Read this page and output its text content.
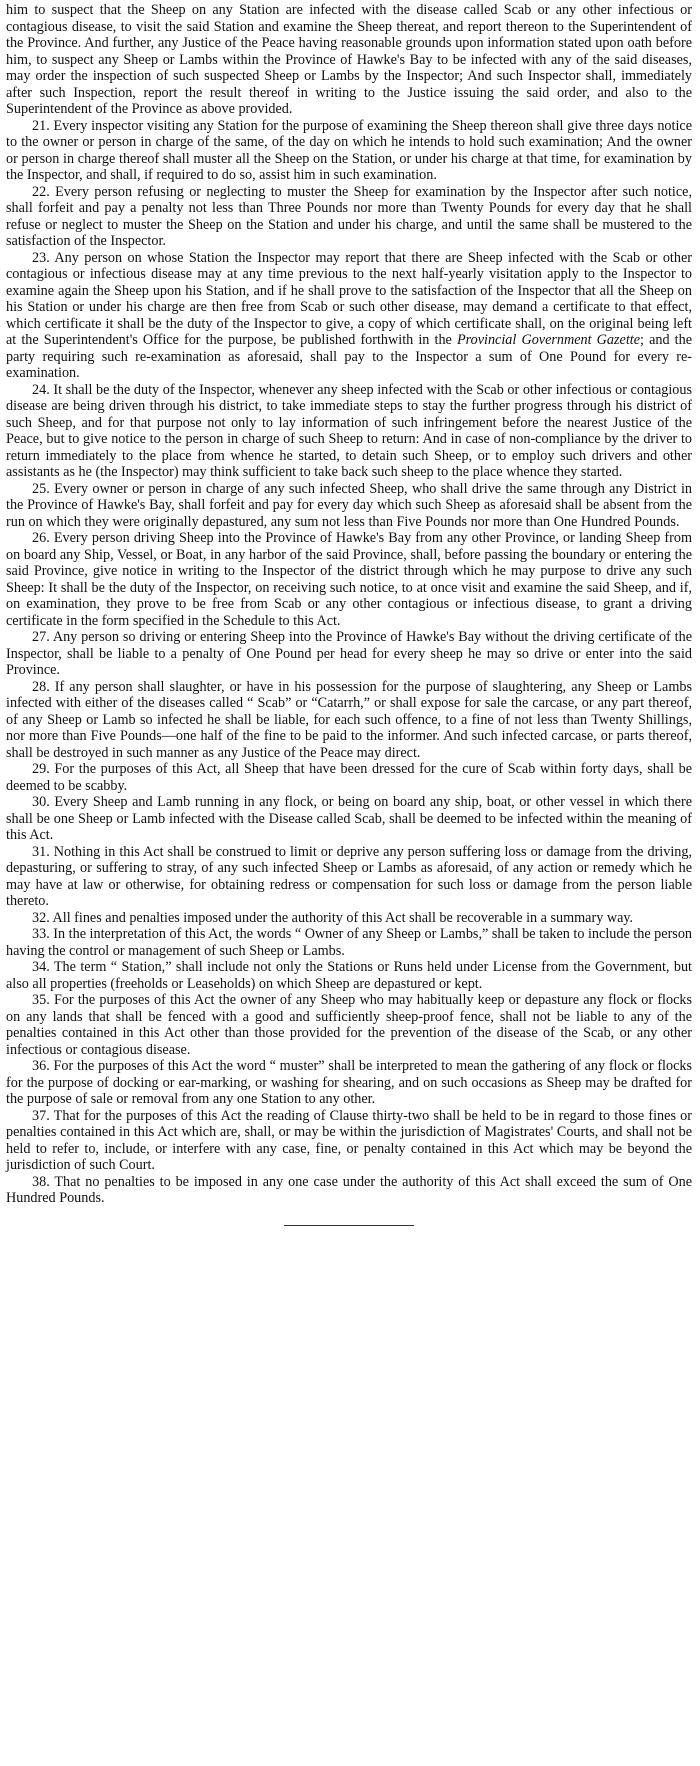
him to suspect that the Sheep on any Station are infected with the disease called Scab or any other infectious or contagious disease, to visit the said Station and examine the Sheep thereat, and report thereon to the Superintendent of the Province. And further, any Justice of the Peace having reasonable grounds upon information stated upon oath before him, to suspect any Sheep or Lambs within the Province of Hawke's Bay to be infected with any of the said diseases, may order the inspection of such suspected Sheep or Lambs by the Inspector; And such Inspector shall, immediately after such Inspection, report the result thereof in writing to the Justice issuing the said order, and also to the Superintendent of the Province as above provided.

21. Every inspector visiting any Station for the purpose of examining the Sheep thereon shall give three days notice to the owner or person in charge of the same, of the day on which he intends to hold such examination; And the owner or person in charge thereof shall muster all the Sheep on the Station, or under his charge at that time, for examination by the Inspector, and shall, if required to do so, assist him in such examination.

22. Every person refusing or neglecting to muster the Sheep for examination by the Inspector after such notice, shall forfeit and pay a penalty not less than Three Pounds nor more than Twenty Pounds for every day that he shall refuse or neglect to muster the Sheep on the Station and under his charge, and until the same shall be mustered to the satisfaction of the Inspector.

23. Any person on whose Station the Inspector may report that there are Sheep infected with the Scab or other contagious or infectious disease may at any time previous to the next half-yearly visitation apply to the Inspector to examine again the Sheep upon his Station, and if he shall prove to the satisfaction of the Inspector that all the Sheep on his Station or under his charge are then free from Scab or such other disease, may demand a certificate to that effect, which certificate it shall be the duty of the Inspector to give, a copy of which certificate shall, on the original being left at the Superintendent's Office for the purpose, be published forthwith in the Provincial Government Gazette; and the party requiring such re-examination as aforesaid, shall pay to the Inspector a sum of One Pound for every re-examination.

24. It shall be the duty of the Inspector, whenever any sheep infected with the Scab or other infectious or contagious disease are being driven through his district, to take immediate steps to stay the further progress through his district of such Sheep, and for that purpose not only to lay information of such infringement before the nearest Justice of the Peace, but to give notice to the person in charge of such Sheep to return: And in case of non-compliance by the driver to return immediately to the place from whence he started, to detain such Sheep, or to employ such drivers and other assistants as he (the Inspector) may think sufficient to take back such sheep to the place whence they started.

25. Every owner or person in charge of any such infected Sheep, who shall drive the same through any District in the Province of Hawke's Bay, shall forfeit and pay for every day which such Sheep as aforesaid shall be absent from the run on which they were originally depastured, any sum not less than Five Pounds nor more than One Hundred Pounds.

26. Every person driving Sheep into the Province of Hawke's Bay from any other Province, or landing Sheep from on board any Ship, Vessel, or Boat, in any harbor of the said Province, shall, before passing the boundary or entering the said Province, give notice in writing to the Inspector of the district through which he may purpose to drive any such Sheep: It shall be the duty of the Inspector, on receiving such notice, to at once visit and examine the said Sheep, and if, on examination, they prove to be free from Scab or any other contagious or infectious disease, to grant a driving certificate in the form specified in the Schedule to this Act.

27. Any person so driving or entering Sheep into the Province of Hawke's Bay without the driving certificate of the Inspector, shall be liable to a penalty of One Pound per head for every sheep he may so drive or enter into the said Province.

28. If any person shall slaughter, or have in his possession for the purpose of slaughtering, any Sheep or Lambs infected with either of the diseases called “ Scab” or “Catarrh,” or shall expose for sale the carcase, or any part thereof, of any Sheep or Lamb so infected he shall be liable, for each such offence, to a fine of not less than Twenty Shillings, nor more than Five Pounds—one half of the fine to be paid to the informer. And such infected carcase, or parts thereof, shall be destroyed in such manner as any Justice of the Peace may direct.

29. For the purposes of this Act, all Sheep that have been dressed for the cure of Scab within forty days, shall be deemed to be scabby.

30. Every Sheep and Lamb running in any flock, or being on board any ship, boat, or other vessel in which there shall be one Sheep or Lamb infected with the Disease called Scab, shall be deemed to be infected within the meaning of this Act.

31. Nothing in this Act shall be construed to limit or deprive any person suffering loss or damage from the driving, depasturing, or suffering to stray, of any such infected Sheep or Lambs as aforesaid, of any action or remedy which he may have at law or otherwise, for obtaining redress or compensation for such loss or damage from the person liable thereto.

32. All fines and penalties imposed under the authority of this Act shall be recoverable in a summary way.

33. In the interpretation of this Act, the words “ Owner of any Sheep or Lambs,” shall be taken to include the person having the control or management of such Sheep or Lambs.

34. The term “ Station,” shall include not only the Stations or Runs held under License from the Government, but also all properties (freeholds or Leaseholds) on which Sheep are depastured or kept.

35. For the purposes of this Act the owner of any Sheep who may habitually keep or depasture any flock or flocks on any lands that shall be fenced with a good and sufficiently sheep-proof fence, shall not be liable to any of the penalties contained in this Act other than those provided for the prevention of the disease of the Scab, or any other infectious or contagious disease.

36. For the purposes of this Act the word “ muster” shall be interpreted to mean the gathering of any flock or flocks for the purpose of docking or ear-marking, or washing for shearing, and on such occasions as Sheep may be drafted for the purpose of sale or removal from any one Station to any other.

37. That for the purposes of this Act the reading of Clause thirty-two shall be held to be in regard to those fines or penalties contained in this Act which are, shall, or may be within the jurisdiction of Magistrates' Courts, and shall not be held to refer to, include, or interfere with any case, fine, or penalty contained in this Act which may be beyond the jurisdiction of such Court.

38. That no penalties to be imposed in any one case under the authority of this Act shall exceed the sum of One Hundred Pounds.
